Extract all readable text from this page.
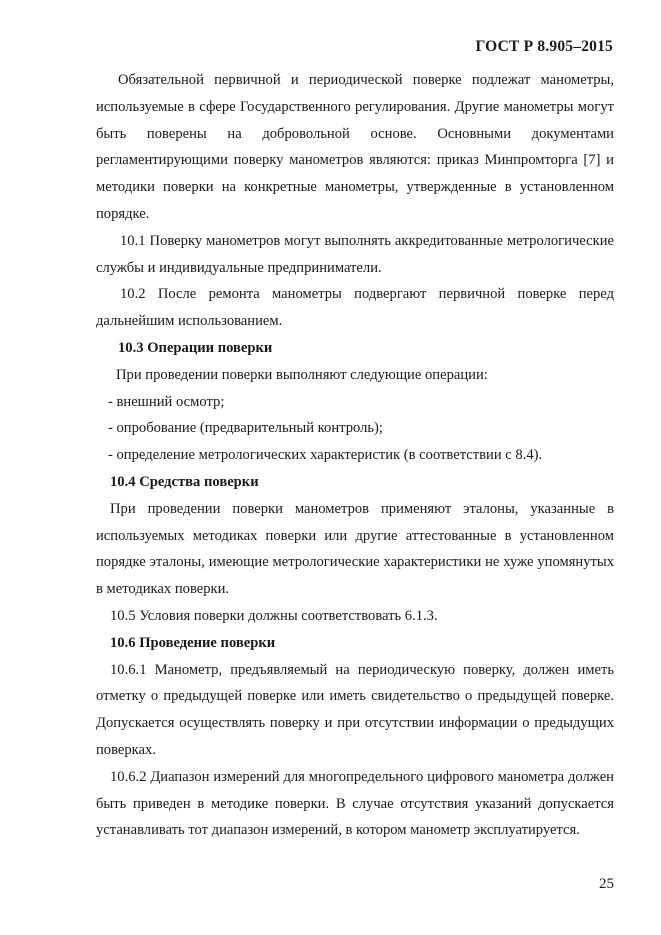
ГОСТ Р 8.905–2015

Обязательной первичной и периодической поверке подлежат манометры, используемые в сфере Государственного регулирования. Другие манометры могут быть поверены на добровольной основе. Основными документами регламентирующими поверку манометров являются: приказ Минпромторга [7] и методики поверки на конкретные манометры, утвержденные в установленном порядке.

10.1 Поверку манометров могут выполнять аккредитованные метрологические службы и индивидуальные предприниматели.

10.2 После ремонта манометры подвергают первичной поверке перед дальнейшим использованием.

10.3 Операции поверки

При проведении поверки выполняют следующие операции:

- внешний осмотр;

- опробование (предварительный контроль);

- определение метрологических характеристик (в соответствии с 8.4).

10.4 Средства поверки

При проведении поверки манометров применяют эталоны, указанные в используемых методиках поверки или другие аттестованные в установленном порядке эталоны, имеющие метрологические характеристики не хуже упомянутых в методиках поверки.

10.5 Условия поверки должны соответствовать 6.1.3.

10.6 Проведение поверки

10.6.1 Манометр, предъявляемый на периодическую поверку, должен иметь отметку о предыдущей поверке или иметь свидетельство о предыдущей поверке. Допускается осуществлять поверку и при отсутствии информации о предыдущих поверках.

10.6.2 Диапазон измерений для многопредельного цифрового манометра должен быть приведен в методике поверки. В случае отсутствия указаний допускается устанавливать тот диапазон измерений, в котором манометр эксплуатируется.

25
